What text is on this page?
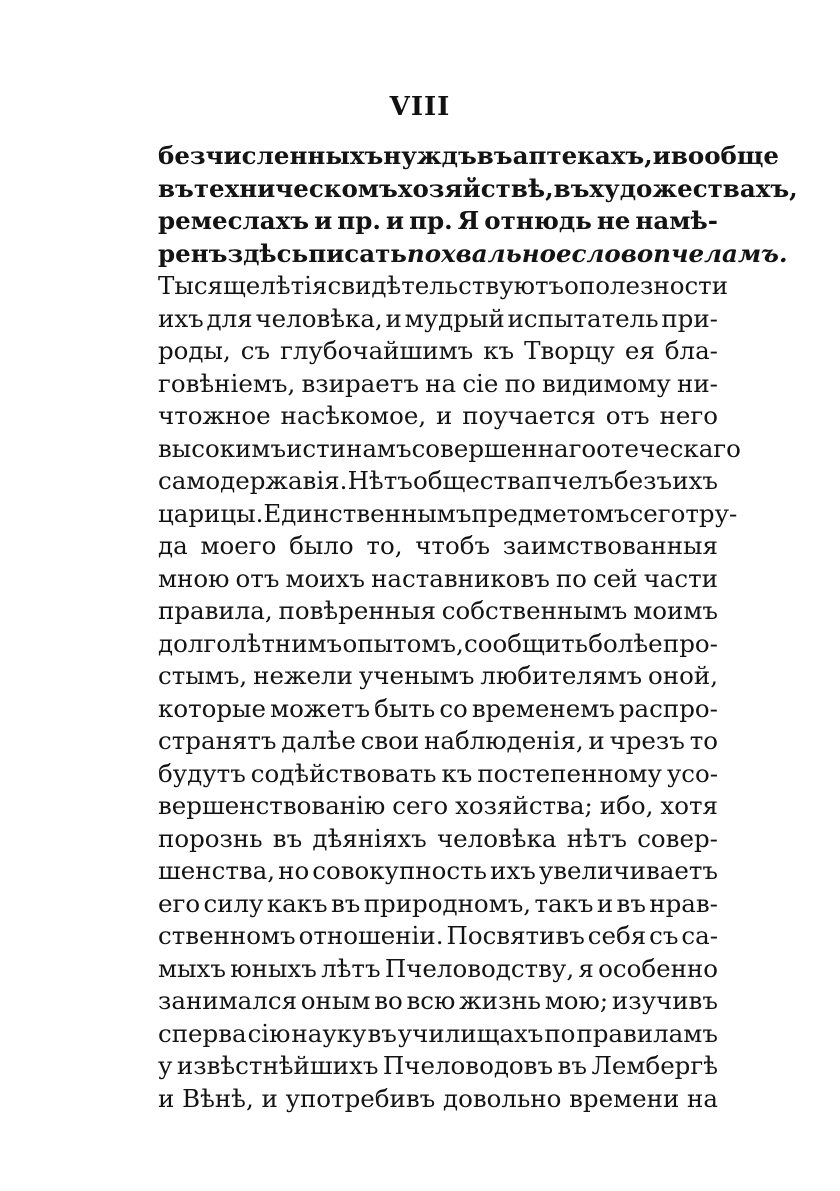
VIII
безчисленныхъ нуждъ въ аптекахъ, и вообще
въ техническомъ хозяйствѣ, въ художествахъ,
ремеслахъ и пр. и пр. Я отнюдь не намѣ-
ренъ здѣсь писать похвальное слово пчеламъ.
Тысящелѣтія свидѣтельствуютъ о полезности
ихъ для человѣка, и мудрый испытатель при-
роды, съ глубочайшимъ къ Творцу ея бла-
говѣніемъ, взираетъ на сіе по видимому ни-
чтожное насѣкомое, и поучается отъ него
высокимъ истинамъ совершеннаго отеческаго
самодержавія. Нѣтъ общества пчелъ безъ ихъ
царицы. Единственнымъ предметомъ сего тру-
да моего было то, чтобъ заимствованныя
мною отъ моихъ наставниковъ по сей части
правила, повѣренныя собственнымъ моимъ
долголѣтнимъ опытомъ, сообщить болѣе про-
стымъ, нежели ученымъ любителямъ оной,
которые можетъ быть со временемъ распро-
странятъ далѣе свои наблюденія, и чрезъ то
будутъ содѣйствовать къ постепенному усо-
вершенствованію сего хозяйства; ибо, хотя
порознь въ дѣяніяхъ человѣка нѣтъ совер-
шенства, но совокупность ихъ увеличиваетъ
его силу какъ въ природномъ, такъ и въ нрав-
ственномъ отношеніи. Посвятивъ себя съ са-
мыхъ юныхъ лѣтъ Пчеловодству, я особенно
занимался оным во всю жизнь мою; изучивъ
сперва сію науку въ училищахъ по правиламъ
у извѣстнѣйшихъ Пчеловодовъ въ Лембергѣ
и Вѣнѣ, и употребивъ довольно времени на
